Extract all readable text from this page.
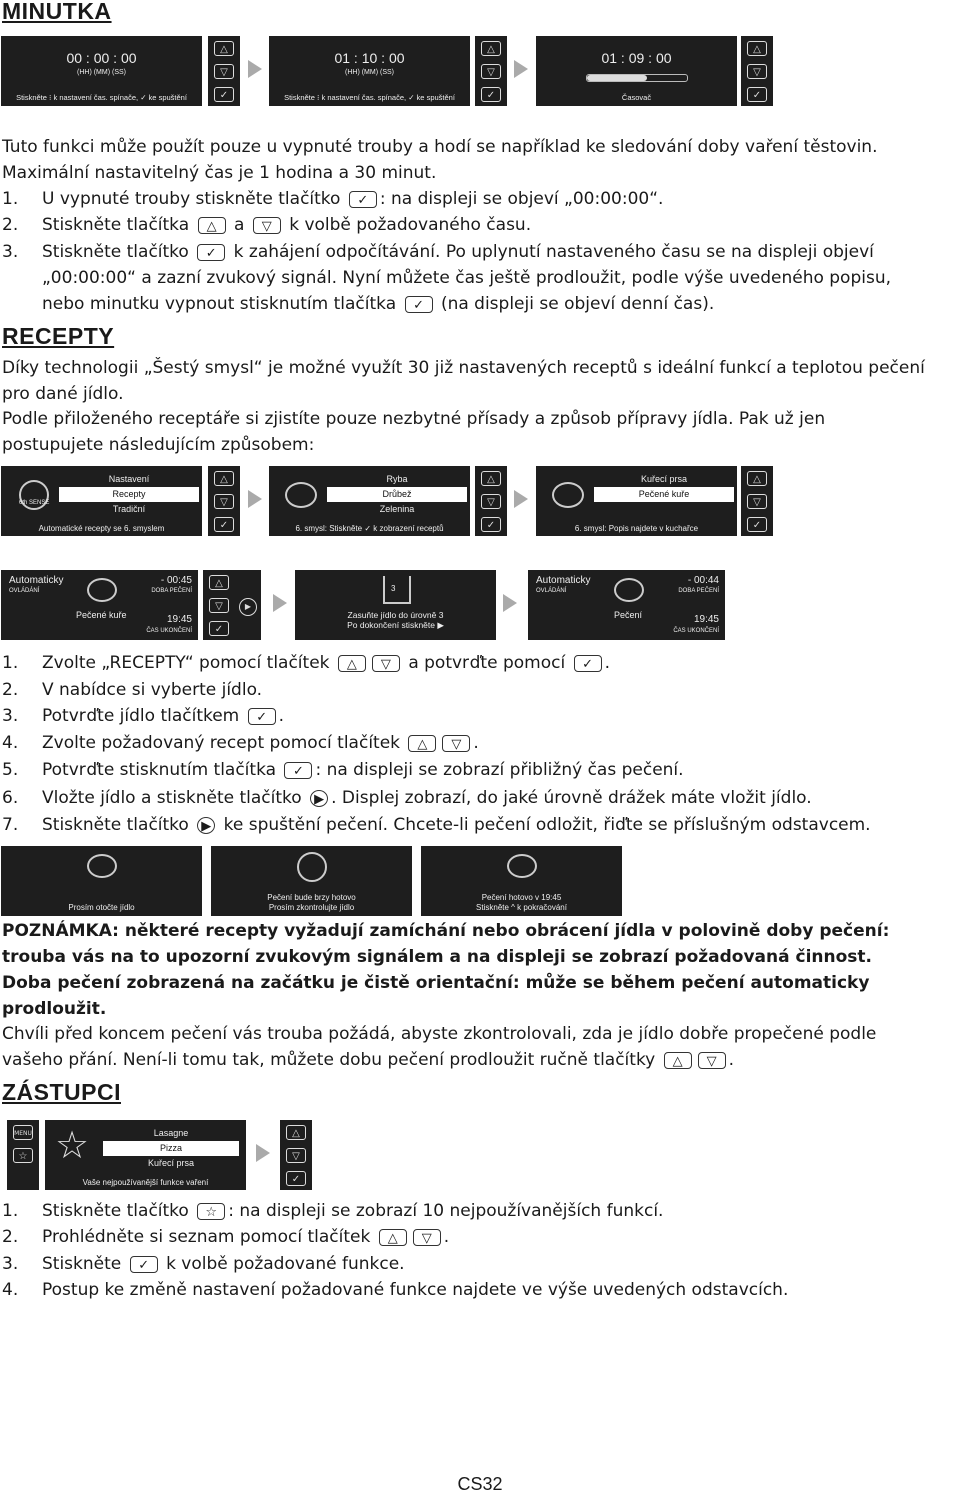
MINUTKA
00 : 00 : 00
(HH) (MM) (SS)
Stiskněte ⁝ k nastavení čas. spínače, ✓ ke spuštění
△
▽
✓
01 : 10 : 00
(HH) (MM) (SS)
Stiskněte ⁝ k nastavení čas. spínače, ✓ ke spuštění
△
▽
✓
01 : 09 : 00
Časovač
△
▽
✓
Tuto funkci může použít pouze u vypnuté trouby a hodí se například ke sledování doby vaření těstovin.
Maximální nastavitelný čas je 1 hodina a 30 minut.
1. U vypnuté trouby stiskněte tlačítko ✓ : na displeji se objeví „00:00:00“.
2. Stiskněte tlačítka △ a ▽ k volbě požadovaného času.
3. Stiskněte tlačítko ✓ k zahájení odpočítávání. Po uplynutí nastaveného času se na displeji objeví
„00:00:00“ a zazní zvukový signál. Nyní můžete čas ještě prodloužit, podle výše uvedeného popisu,
nebo minutku vypnout stisknutím tlačítka ✓ (na displeji se objeví denní čas).
RECEPTY
Díky technologii „Šestý smysl“ je možné využít 30 již nastavených receptů s ideální funkcí a teplotou pečení
pro dané jídlo.
Podle přiloženého receptáře si zjistíte pouze nezbytné přísady a způsob přípravy jídla. Pak už jen
postupujete následujícím způsobem:
6th SENSE
Nastavení
Recepty
Tradiční
Automatické recepty se 6. smyslem
△
▽
✓
Ryba
Drůbež
Zelenina
6. smysl: Stiskněte ✓ k zobrazení receptů
△
▽
✓
Kuřecí prsa
Pečené kuře
6. smysl: Popis najdete v kuchařce
△
▽
✓
Automaticky
OVLÁDÁNÍ
- 00:45
DOBA PEČENÍ
Pečené kuře	19:45
ČAS UKONČENÍ
△
▽
✓
▶
3
Zasuňte jídlo do úrovně 3
Po dokončení stiskněte ▶
Automaticky
OVLÁDÁNÍ
- 00:44
DOBA PEČENÍ
Pečení	19:45
ČAS UKONČENÍ
1. Zvolte „RECEPTY“ pomocí tlačítek △ ▽ a potvrďte pomocí ✓ .
2. V nabídce si vyberte jídlo.
3. Potvrďte jídlo tlačítkem ✓ .
4. Zvolte požadovaný recept pomocí tlačítek △ ▽ .
5. Potvrďte stisknutím tlačítka ✓ : na displeji se zobrazí přibližný čas pečení.
6. Vložte jídlo a stiskněte tlačítko ▶ . Displej zobrazí, do jaké úrovně drážek máte vložit jídlo.
7. Stiskněte tlačítko ▶ ke spuštění pečení. Chcete-li pečení odložit, řiďte se příslušným odstavcem.
Prosím otočte jídlo
Pečení bude brzy hotovo
Prosím zkontrolujte jídlo
Pečení hotovo v 19:45
Stiskněte ^ k pokračování
POZNÁMKA: některé recepty vyžadují zamíchání nebo obrácení jídla v polovině doby pečení:
trouba vás na to upozorní zvukovým signálem a na displeji se zobrazí požadovaná činnost.
Doba pečení zobrazená na začátku je čistě orientační: může se během pečení automaticky
prodloužit.
Chvíli před koncem pečení vás trouba požádá, abyste zkontrolovali, zda je jídlo dobře propečené podle
vašeho přání. Není-li tomu tak, můžete dobu pečení prodloužit ručně tlačítky △ ▽ .
ZÁSTUPCI
MENU
☆ ☆	Lasagne
Pizza
Kuřecí prsa
Vaše nejpoužívanější funkce vaření
△
▽
✓
1. Stiskněte tlačítko ☆ : na displeji se zobrazí 10 nejpoužívanějších funkcí.
2. Prohlédněte si seznam pomocí tlačítek △ ▽ .
3. Stiskněte ✓ k volbě požadované funkce.
4. Postup ke změně nastavení požadované funkce najdete ve výše uvedených odstavcích.
CS32
